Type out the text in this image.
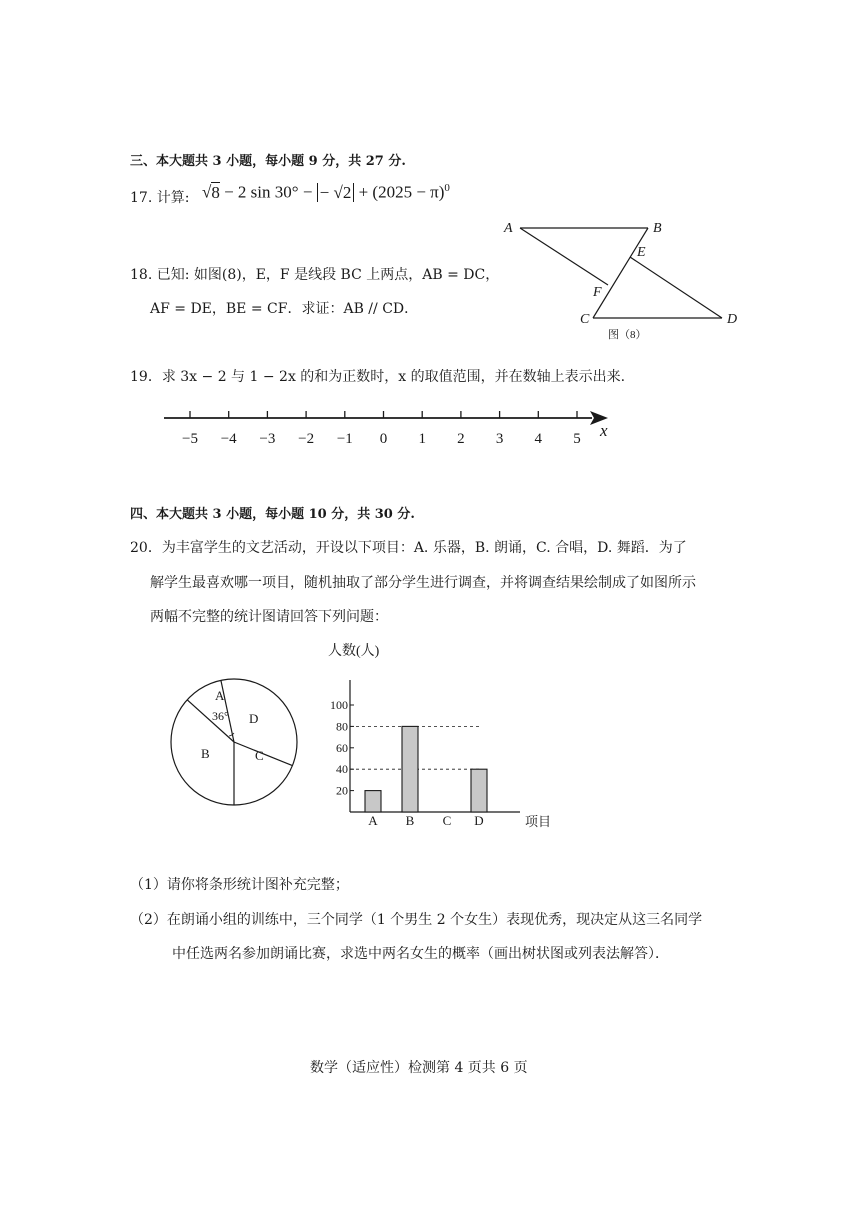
三、本大题共 3 小题，每小题 9 分，共 27 分.
17. 计算: √8 − 2 sin 30° − − $√2 + (2025 - \pi)^0$
18. 已知: 如图(8)，E，F 是线段 BC 上两点，AB = DC，
AF = DE，BE = CF．求证：AB // CD．
A	B
E
F
C	D
图（8）
19．求 3x − 2 与 1 − 2x 的和为正数时，x 的取值范围，并在数轴上表示出来.
−5 −4 −3 −2 −1 0 1 2 3 4 5 x
四、本大题共 3 小题，每小题 10 分，共 30 分.
20．为丰富学生的文艺活动，开设以下项目：A. 乐器，B. 朗诵，C. 合唱，D. 舞蹈．为了
解学生最喜欢哪一项目，随机抽取了部分学生进行调查，并将调查结果绘制成了如图所示
两幅不完整的统计图请回答下列问题：
A
B	C
D
36°
20
40
60
80
100
A B C D
人数(人)
项目
（1）请你将条形统计图补充完整；
（2）在朗诵小组的训练中，三个同学（1 个男生 2 个女生）表现优秀，现决定从这三名同学
中任选两名参加朗诵比赛，求选中两名女生的概率（画出树状图或列表法解答）．
数学（适应性）检测第 4 页共 6 页
